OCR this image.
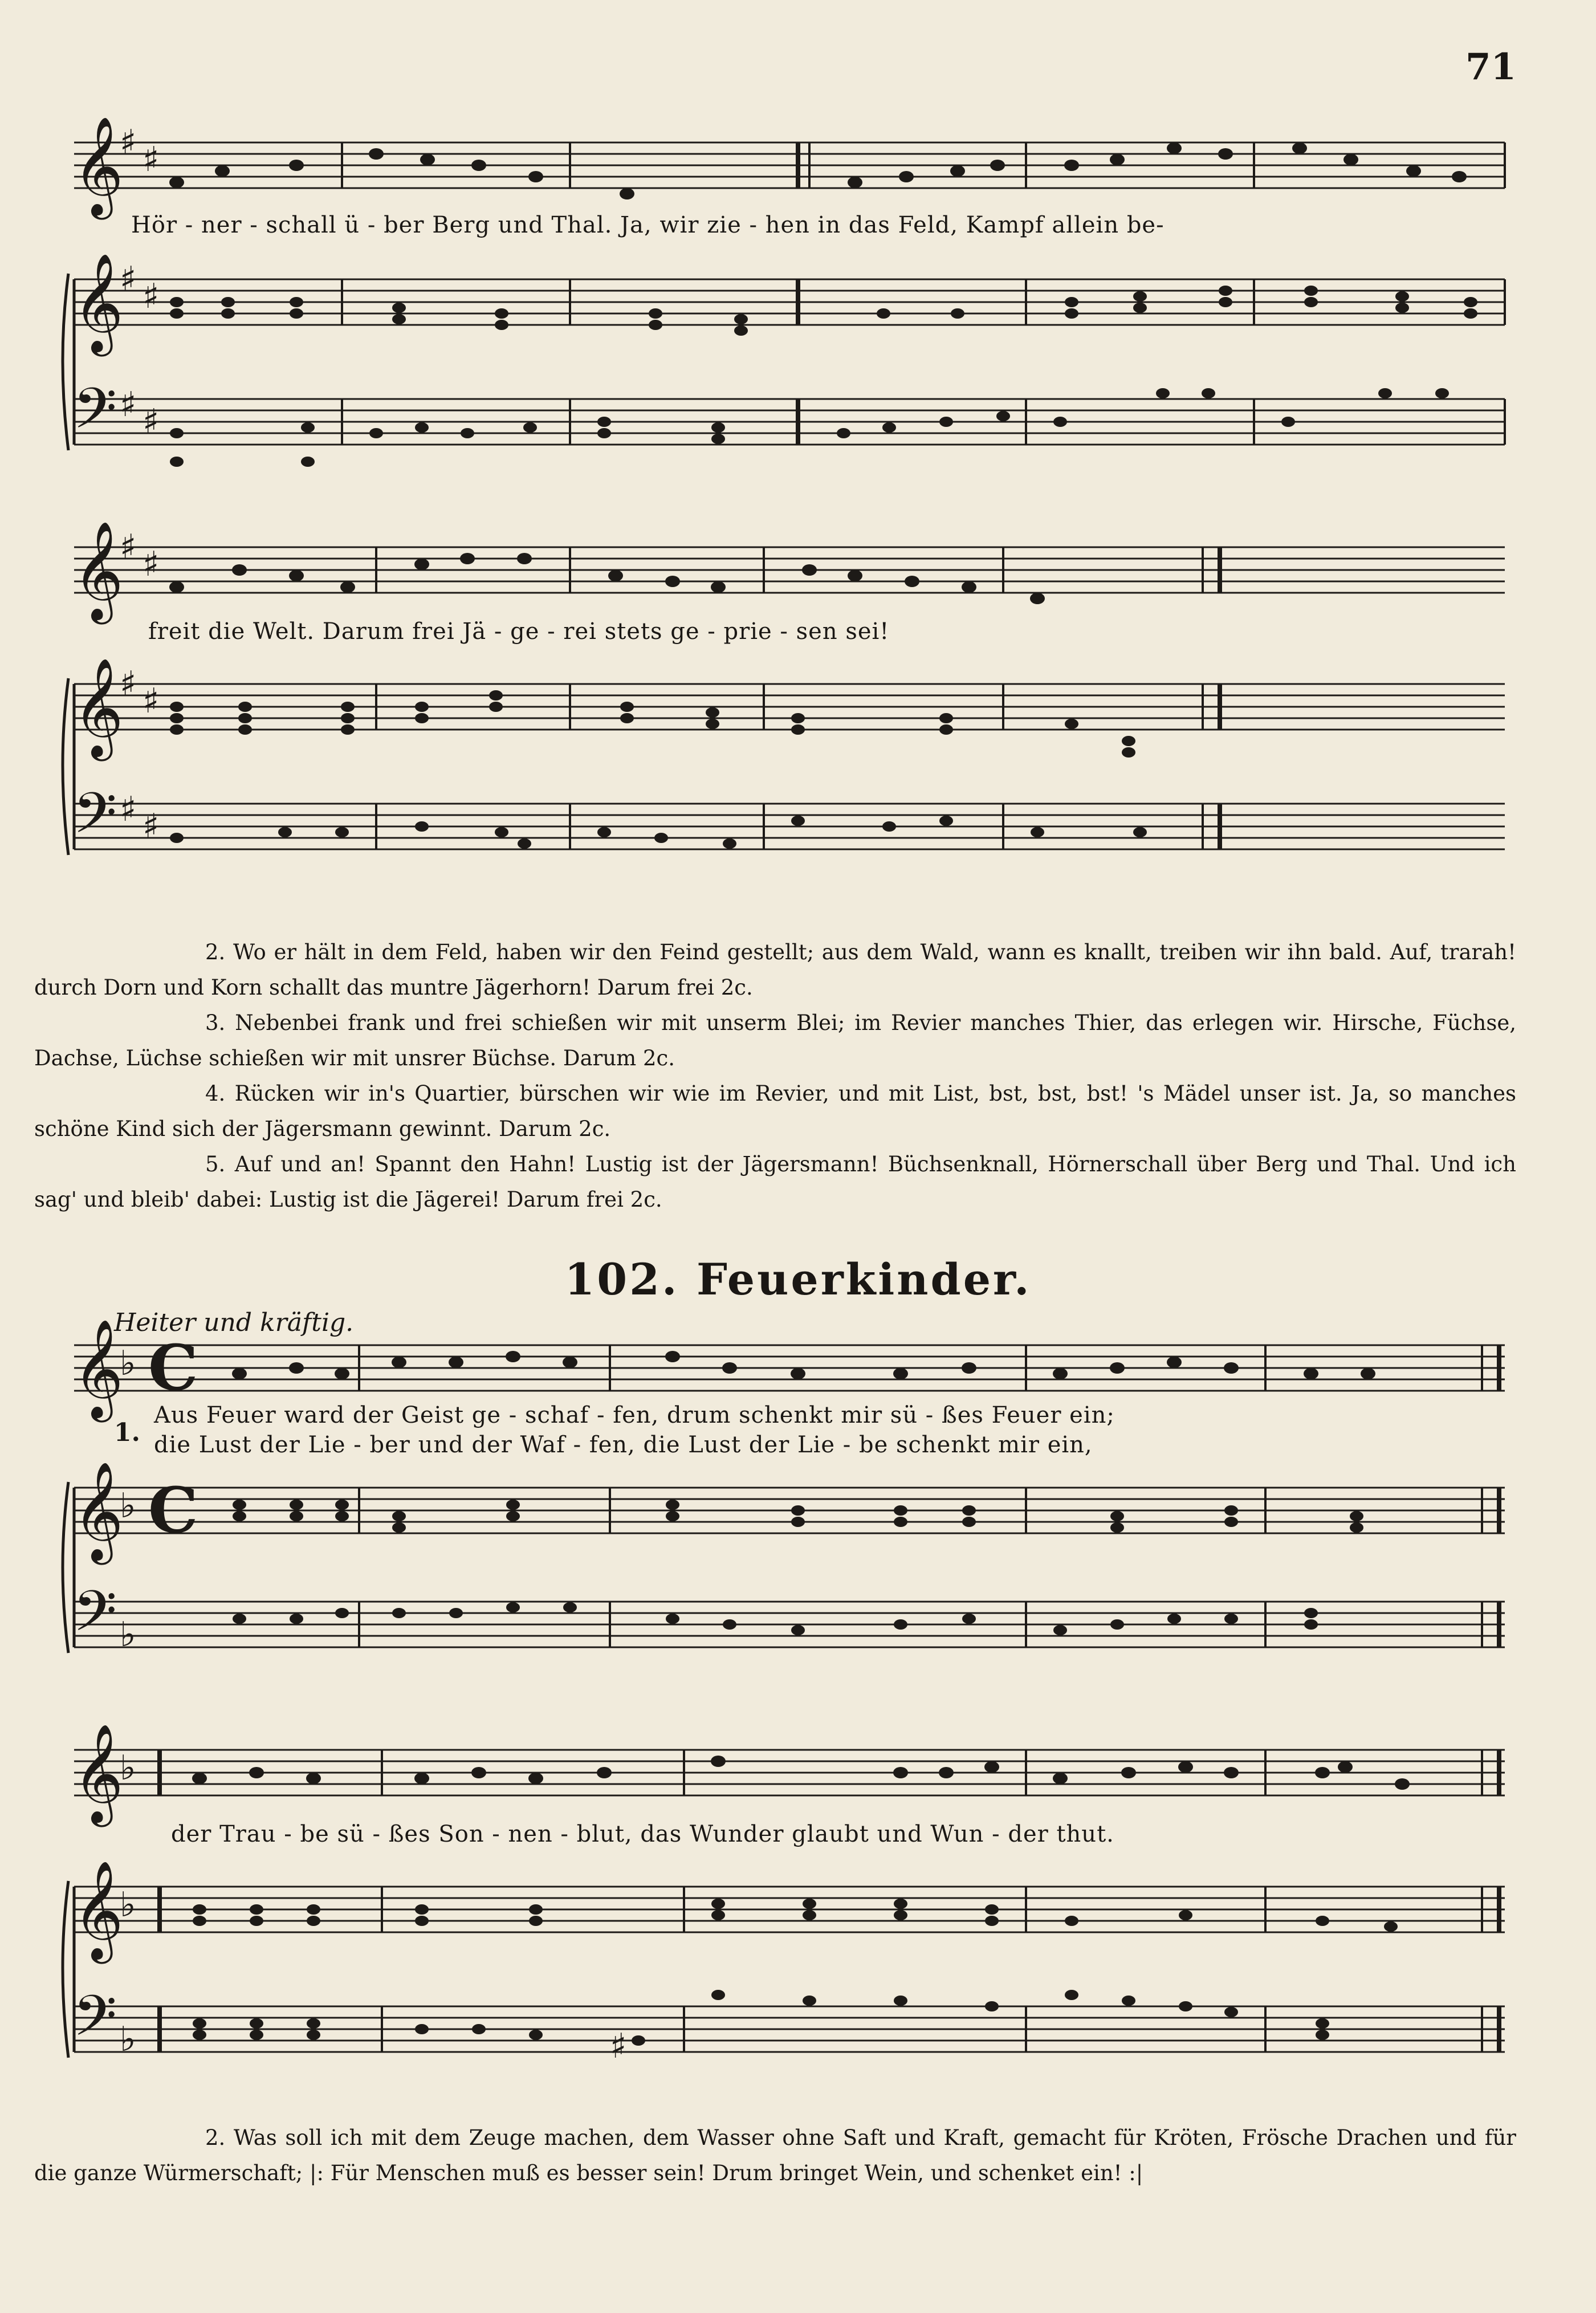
71
𝄞
♯ ♯
𝄞
♯ ♯
𝄢 ♯ ♯
Hör - ner - schall ü - ber Berg und Thal. Ja, wir zie - hen in das Feld, Kampf allein be-
𝄞
♯ ♯
𝄞
♯ ♯
𝄢 ♯ ♯
freit die Welt. Darum frei Jä - ge - rei stets ge - prie - sen sei!

2. Wo er hält in dem Feld, haben wir den Feind gestellt; aus dem Wald, wann es knallt, treiben wir ihn bald. Auf, trarah! durch Dorn und Korn schallt das muntre Jägerhorn! Darum frei 2c.

3. Nebenbei frank und frei schießen wir mit unserm Blei; im Revier manches Thier, das erlegen wir. Hirsche, Füchse, Dachse, Lüchse schießen wir mit unsrer Büchse. Darum 2c.

4. Rücken wir in's Quartier, bürschen wir wie im Revier, und mit List, bst, bst, bst! 's Mädel unser ist. Ja, so manches schöne Kind sich der Jägersmann gewinnt. Darum 2c.

5. Auf und an! Spannt den Hahn! Lustig ist der Jägersmann! Büchsenknall, Hörnerschall über Berg und Thal. Und ich sag' und bleib' dabei: Lustig ist die Jägerei! Darum frei 2c.

102. Feuerkinder.
Heiter und kräftig.
𝄞
♭ C
𝄞
♭ C
𝄢 ♭
1.
Aus Feuer ward der Geist ge - schaf - fen, drum schenkt mir sü - ßes Feuer ein;
die Lust der Lie - ber und der Waf - fen, die Lust der Lie - be schenkt mir ein,
𝄞
♭
𝄞
♭
𝄢 ♭	♯
der Trau - be sü - ßes Son - nen - blut, das Wunder glaubt und Wun - der thut.

2. Was soll ich mit dem Zeuge machen, dem Wasser ohne Saft und Kraft, gemacht für Kröten, Frösche Drachen und für die ganze Würmerschaft; |: Für Menschen muß es besser sein! Drum bringet Wein, und schenket ein! :|
